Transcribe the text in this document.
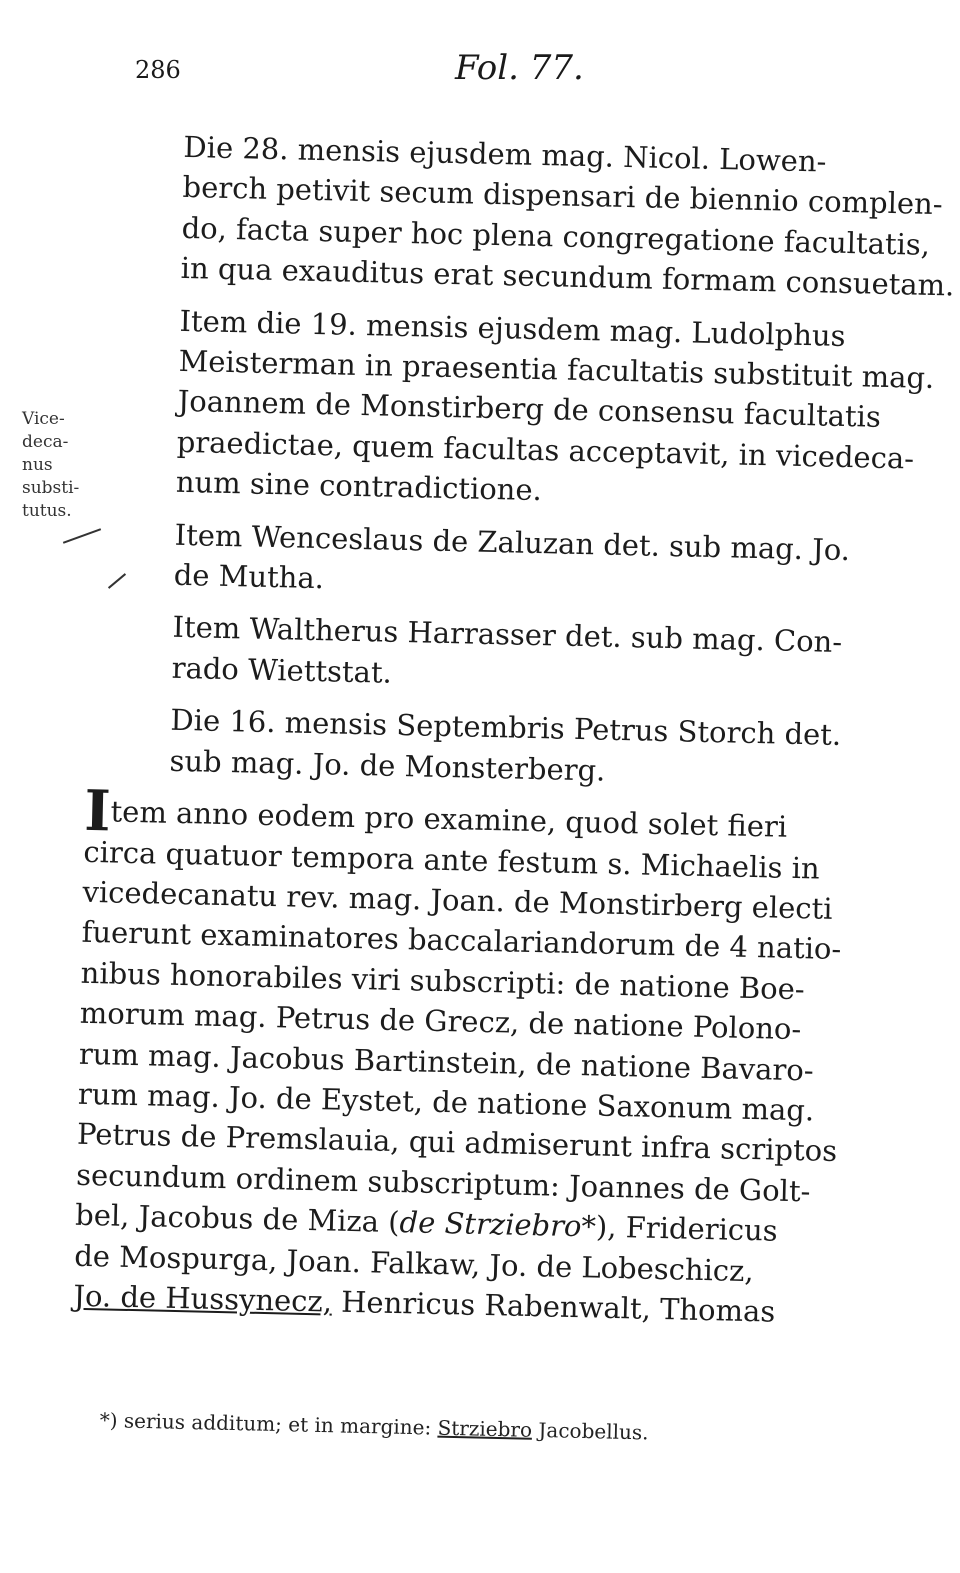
286	Fol. 77.
Vice-
deca-
nus
substi-
tutus.
Die 28. mensis ejusdem mag. Nicol. Lowen-
berch petivit secum dispensari de biennio complen-
do, facta super hoc plena congregatione facultatis,
in qua exauditus erat secundum formam consuetam.
Item die 19. mensis ejusdem mag. Ludolphus
Meisterman in praesentia facultatis substituit mag.
Joannem de Monstirberg de consensu facultatis
praedictae, quem facultas acceptavit, in vicedeca-
num sine contradictione.
Item Wenceslaus de Zaluzan det. sub mag. Jo.
de Mutha.
Item Waltherus Harrasser det. sub mag. Con-
rado Wiettstat.
Die 16. mensis Septembris Petrus Storch det.
sub mag. Jo. de Monsterberg.
Item anno eodem pro examine, quod solet fieri
circa quatuor tempora ante festum s. Michaelis in
vicedecanatu rev. mag. Joan. de Monstirberg electi
fuerunt examinatores baccalariandorum de 4 natio-
nibus honorabiles viri subscripti: de natione Boe-
morum mag. Petrus de Grecz, de natione Polono-
rum mag. Jacobus Bartinstein, de natione Bavaro-
rum mag. Jo. de Eystet, de natione Saxonum mag.
Petrus de Premslauia, qui admiserunt infra scriptos
secundum ordinem subscriptum: Joannes de Golt-
bel, Jacobus de Miza (de Strziebro*), Fridericus
de Mospurga, Joan. Falkaw, Jo. de Lobeschicz,
Jo. de Hussynecz, Henricus Rabenwalt, Thomas
*) serius additum; et in margine: Strziebro Jacobellus.
